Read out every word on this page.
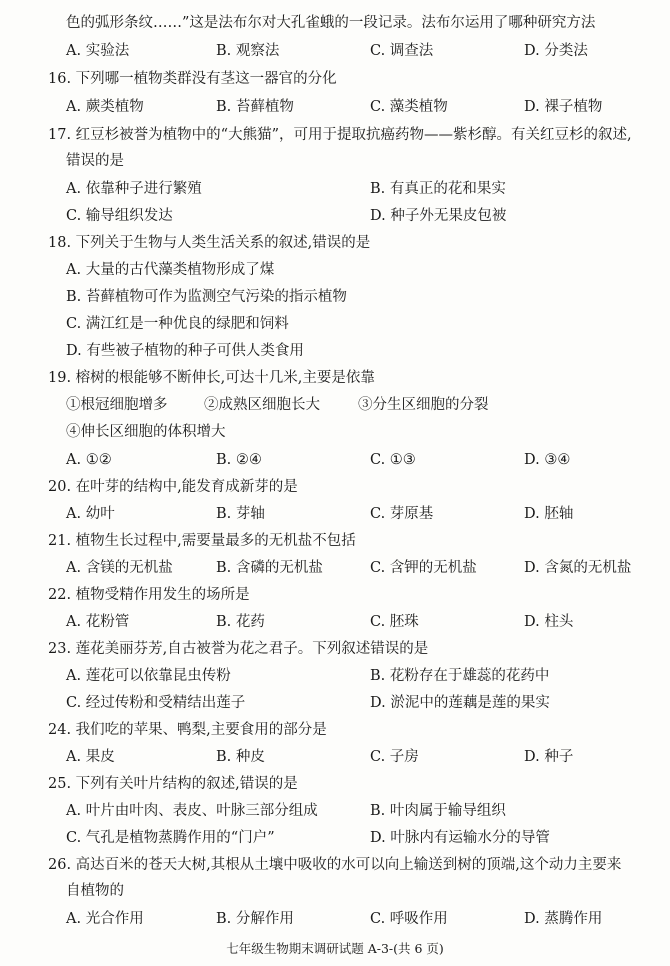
色的弧形条纹……”这是法布尔对大孔雀蛾的一段记录。法布尔运用了哪种研究方法
A. 实验法	B. 观察法	C. 调查法	D. 分类法
16. 下列哪一植物类群没有茎这一器官的分化
A. 蕨类植物	B. 苔藓植物	C. 藻类植物	D. 裸子植物
17. 红豆杉被誉为植物中的“大熊猫”，可用于提取抗癌药物——紫杉醇。有关红豆杉的叙述,
错误的是
A. 依靠种子进行繁殖	B. 有真正的花和果实
C. 输导组织发达	D. 种子外无果皮包被
18. 下列关于生物与人类生活关系的叙述,错误的是
A. 大量的古代藻类植物形成了煤
B. 苔藓植物可作为监测空气污染的指示植物
C. 满江红是一种优良的绿肥和饲料
D. 有些被子植物的种子可供人类食用
19. 榕树的根能够不断伸长,可达十几米,主要是依靠
①根冠细胞增多	②成熟区细胞长大	③分生区细胞的分裂
④伸长区细胞的体积增大
A. ①②	B. ②④	C. ①③	D. ③④
20. 在叶芽的结构中,能发育成新芽的是
A. 幼叶	B. 芽轴	C. 芽原基	D. 胚轴
21. 植物生长过程中,需要量最多的无机盐不包括
A. 含镁的无机盐	B. 含磷的无机盐	C. 含钾的无机盐	D. 含氮的无机盐
22. 植物受精作用发生的场所是
A. 花粉管	B. 花药	C. 胚珠	D. 柱头
23. 莲花美丽芬芳,自古被誉为花之君子。下列叙述错误的是
A. 莲花可以依靠昆虫传粉	B. 花粉存在于雄蕊的花药中
C. 经过传粉和受精结出莲子	D. 淤泥中的莲藕是莲的果实
24. 我们吃的苹果、鸭梨,主要食用的部分是
A. 果皮	B. 种皮	C. 子房	D. 种子
25. 下列有关叶片结构的叙述,错误的是
A. 叶片由叶肉、表皮、叶脉三部分组成	B. 叶肉属于输导组织
C. 气孔是植物蒸腾作用的“门户”	D. 叶脉内有运输水分的导管
26. 高达百米的苍天大树,其根从土壤中吸收的水可以向上输送到树的顶端,这个动力主要来
自植物的
A. 光合作用	B. 分解作用	C. 呼吸作用	D. 蒸腾作用
七年级生物期末调研试题 A-3-(共 6 页)
